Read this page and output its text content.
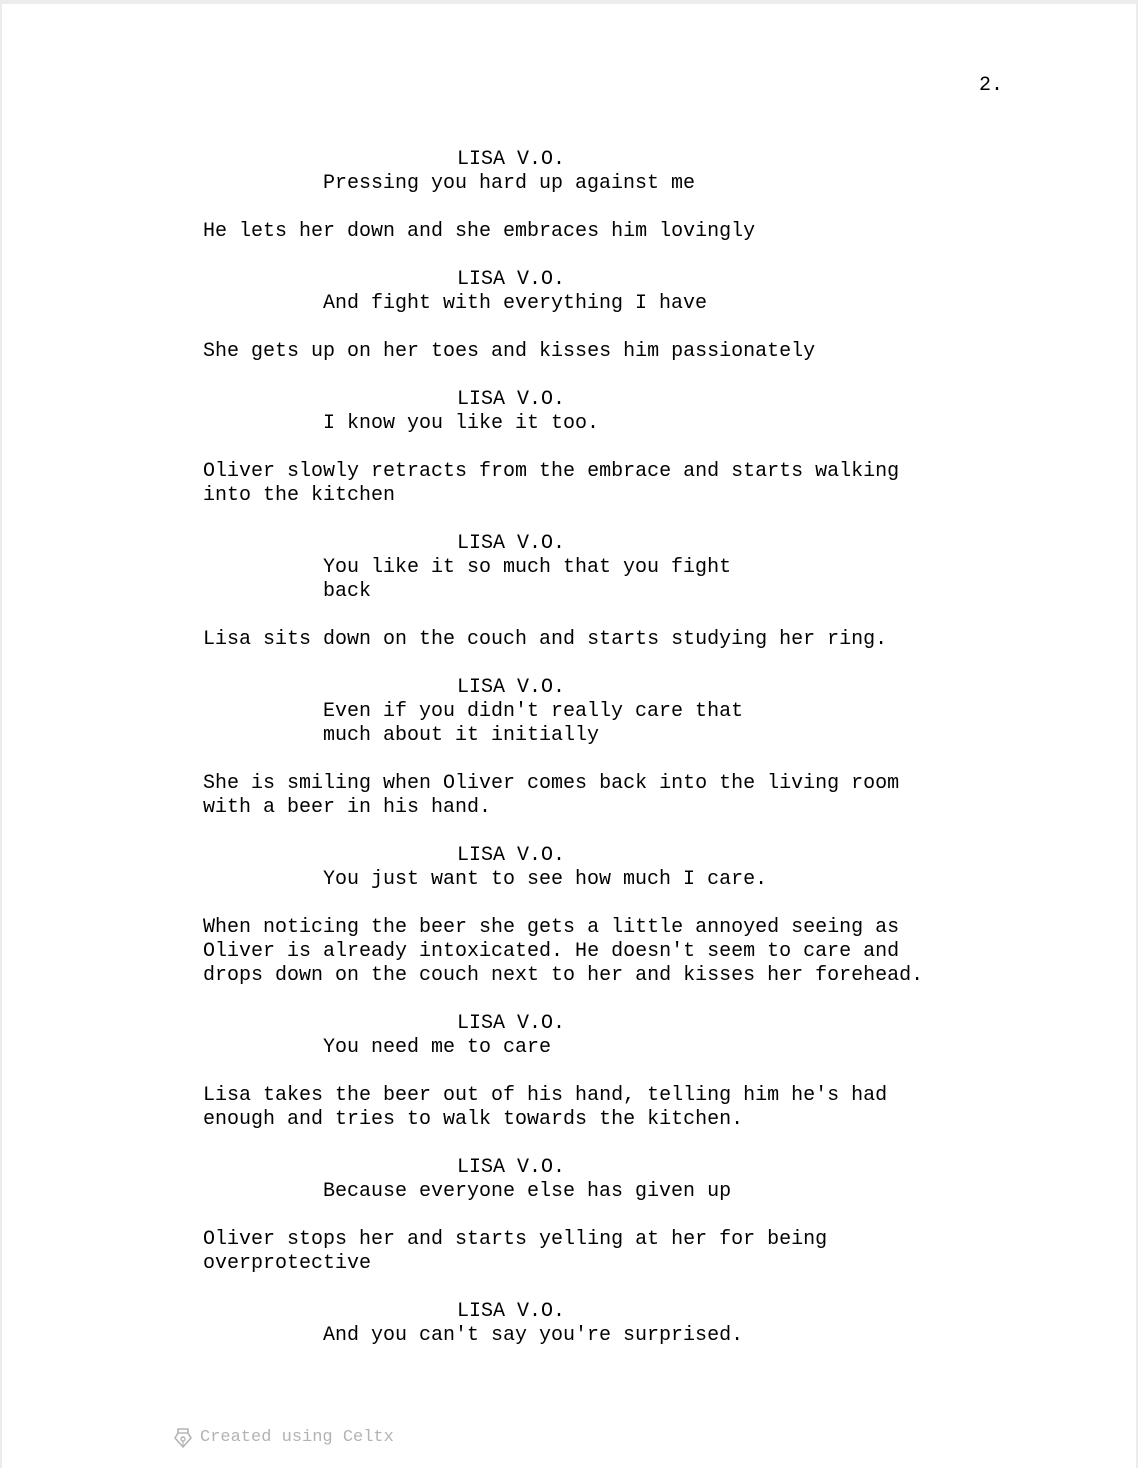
2.
LISA V.O.
Pressing you hard up against me
He lets her down and she embraces him lovingly
LISA V.O.
And fight with everything I have
She gets up on her toes and kisses him passionately
LISA V.O.
I know you like it too.
Oliver slowly retracts from the embrace and starts walking
into the kitchen
LISA V.O.
You like it so much that you fight
back
Lisa sits down on the couch and starts studying her ring.
LISA V.O.
Even if you didn't really care that
much about it initially
She is smiling when Oliver comes back into the living room
with a beer in his hand.
LISA V.O.
You just want to see how much I care.
When noticing the beer she gets a little annoyed seeing as
Oliver is already intoxicated. He doesn't seem to care and
drops down on the couch next to her and kisses her forehead.
LISA V.O.
You need me to care
Lisa takes the beer out of his hand, telling him he's had
enough and tries to walk towards the kitchen.
LISA V.O.
Because everyone else has given up
Oliver stops her and starts yelling at her for being
overprotective
LISA V.O.
And you can't say you're surprised.
Created using Celtx
